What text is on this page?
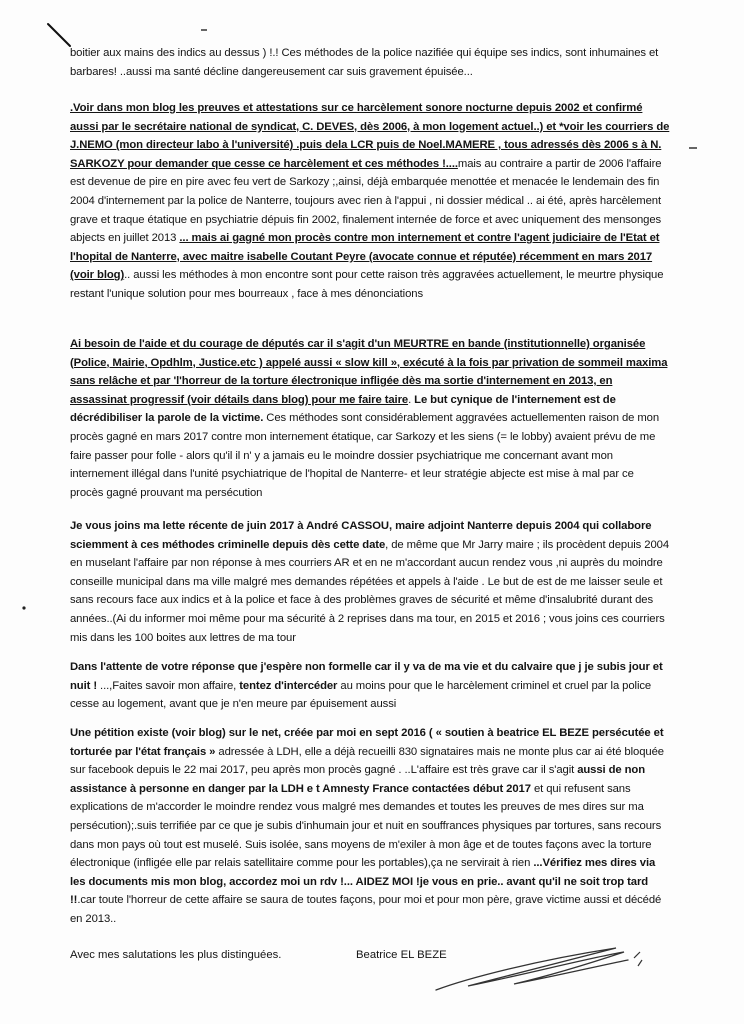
boitier aux mains des indics au dessus ) !.! Ces méthodes de la police nazifiée qui équipe ses indics, sont inhumaines et barbares! ..aussi ma santé décline dangereusement car suis gravement épuisée...
.Voir dans mon blog les preuves et attestations sur ce harcèlement sonore nocturne depuis 2002 et confirmé aussi par le secrétaire national de syndicat, C. DEVES, dès 2006, à mon logement actuel..) et *voir les courriers de J.NEMO (mon directeur labo à l'université) .puis dela LCR puis de Noel.MAMERE , tous adressés dès 2006 s à N. SARKOZY pour demander que cesse ce harcèlement et ces méthodes !....mais au contraire a partir de 2006 l'affaire est devenue de pire en pire avec feu vert de Sarkozy ;,ainsi, déjà embarquée menottée et menacée le lendemain des fin 2004 d'internement par la police de Nanterre, toujours avec rien à l'appui , ni dossier médical .. ai été, après harcèlement grave et traque étatique en psychiatrie dépuis fin 2002, finalement internée de force et avec uniquement des mensonges abjects en juillet 2013 ... mais ai gagné mon procès contre mon internement et contre l'agent judiciaire de l'Etat et l'hopital de Nanterre, avec maitre isabelle Coutant Peyre (avocate connue et réputée) récemment en mars 2017 (voir blog).. aussi les méthodes à mon encontre sont pour cette raison très aggravées actuellement, le meurtre physique restant l'unique solution pour mes bourreaux , face à mes dénonciations
Ai besoin de l'aide et du courage de députés car il s'agit d'un MEURTRE en bande (institutionnelle) organisée (Police, Mairie, Opdhlm, Justice.etc ) appelé aussi « slow kill », exécuté à la fois par privation de sommeil maxima sans relâche et par 'l'horreur de la torture électronique infligée dès ma sortie d'internement en 2013, en assassinat progressif (voir détails dans blog) pour me faire taire. Le but cynique de l'internement est de décrédibiliser la parole de la victime. Ces méthodes sont considérablement aggravées actuellementen raison de mon procès gagné en mars 2017 contre mon internement étatique, car Sarkozy et les siens (= le lobby) avaient prévu de me faire passer pour folle - alors qu'il il n' y a jamais eu le moindre dossier psychiatrique me concernant avant mon internement illégal dans l'unité psychiatrique de l'hopital de Nanterre- et leur stratégie abjecte est mise à mal par ce procès gagné prouvant ma persécution
Je vous joins ma lette récente de juin 2017 à André CASSOU, maire adjoint Nanterre depuis 2004 qui collabore sciemment à ces méthodes criminelle depuis dès cette date, de même que Mr Jarry maire ; ils procèdent depuis 2004 en muselant l'affaire par non réponse à mes courriers AR et en ne m'accordant aucun rendez vous ,ni auprès du moindre conseille municipal dans ma ville malgré mes demandes répétées et appels à l'aide . Le but de est de me laisser seule et sans recours face aux indics et à la police et face à des problèmes graves de sécurité et même d'insalubrité durant des années..(Ai du informer moi même pour ma sécurité à 2 reprises dans ma tour, en 2015 et 2016 ; vous joins ces courriers mis dans les 100 boites aux lettres de ma tour
Dans l'attente de votre réponse que j'espère non formelle car il y va de ma vie et du calvaire que j je subis jour et nuit ! ...,Faites savoir mon affaire, tentez d'intercéder au moins pour que le harcèlement criminel et cruel par la police cesse au logement, avant que je n'en meure par épuisement aussi
Une pétition existe (voir blog) sur le net, créée par moi en sept 2016 ( « soutien à beatrice EL BEZE persécutée et torturée par l'état français » adressée à LDH, elle a déjà recueilli 830 signataires mais ne monte plus car ai été bloquée sur facebook depuis le 22 mai 2017, peu après mon procès gagné . ..L'affaire est très grave car il s'agit aussi de non assistance à personne en danger par la LDH e t Amnesty France contactées début 2017 et qui refusent sans explications de m'accorder le moindre rendez vous malgré mes demandes et toutes les preuves de mes dires sur ma persécution);.suis terrifiée par ce que je subis d'inhumain jour et nuit en souffrances physiques par tortures, sans recours dans mon pays où tout est muselé. Suis isolée, sans moyens de m'exiler à mon âge et de toutes façons avec la torture électronique (infligée elle par relais satellitaire comme pour les portables),ça ne servirait à rien ...Vérifiez mes dires via les documents mis mon blog, accordez moi un rdv !... AIDEZ MOI !je vous en prie.. avant qu'il ne soit trop tard !!.car toute l'horreur de cette affaire se saura de toutes façons, pour moi et pour mon père, grave victime aussi et décédé en 2013..
Avec mes salutations les plus distinguées.	Beatrice EL BEZE
